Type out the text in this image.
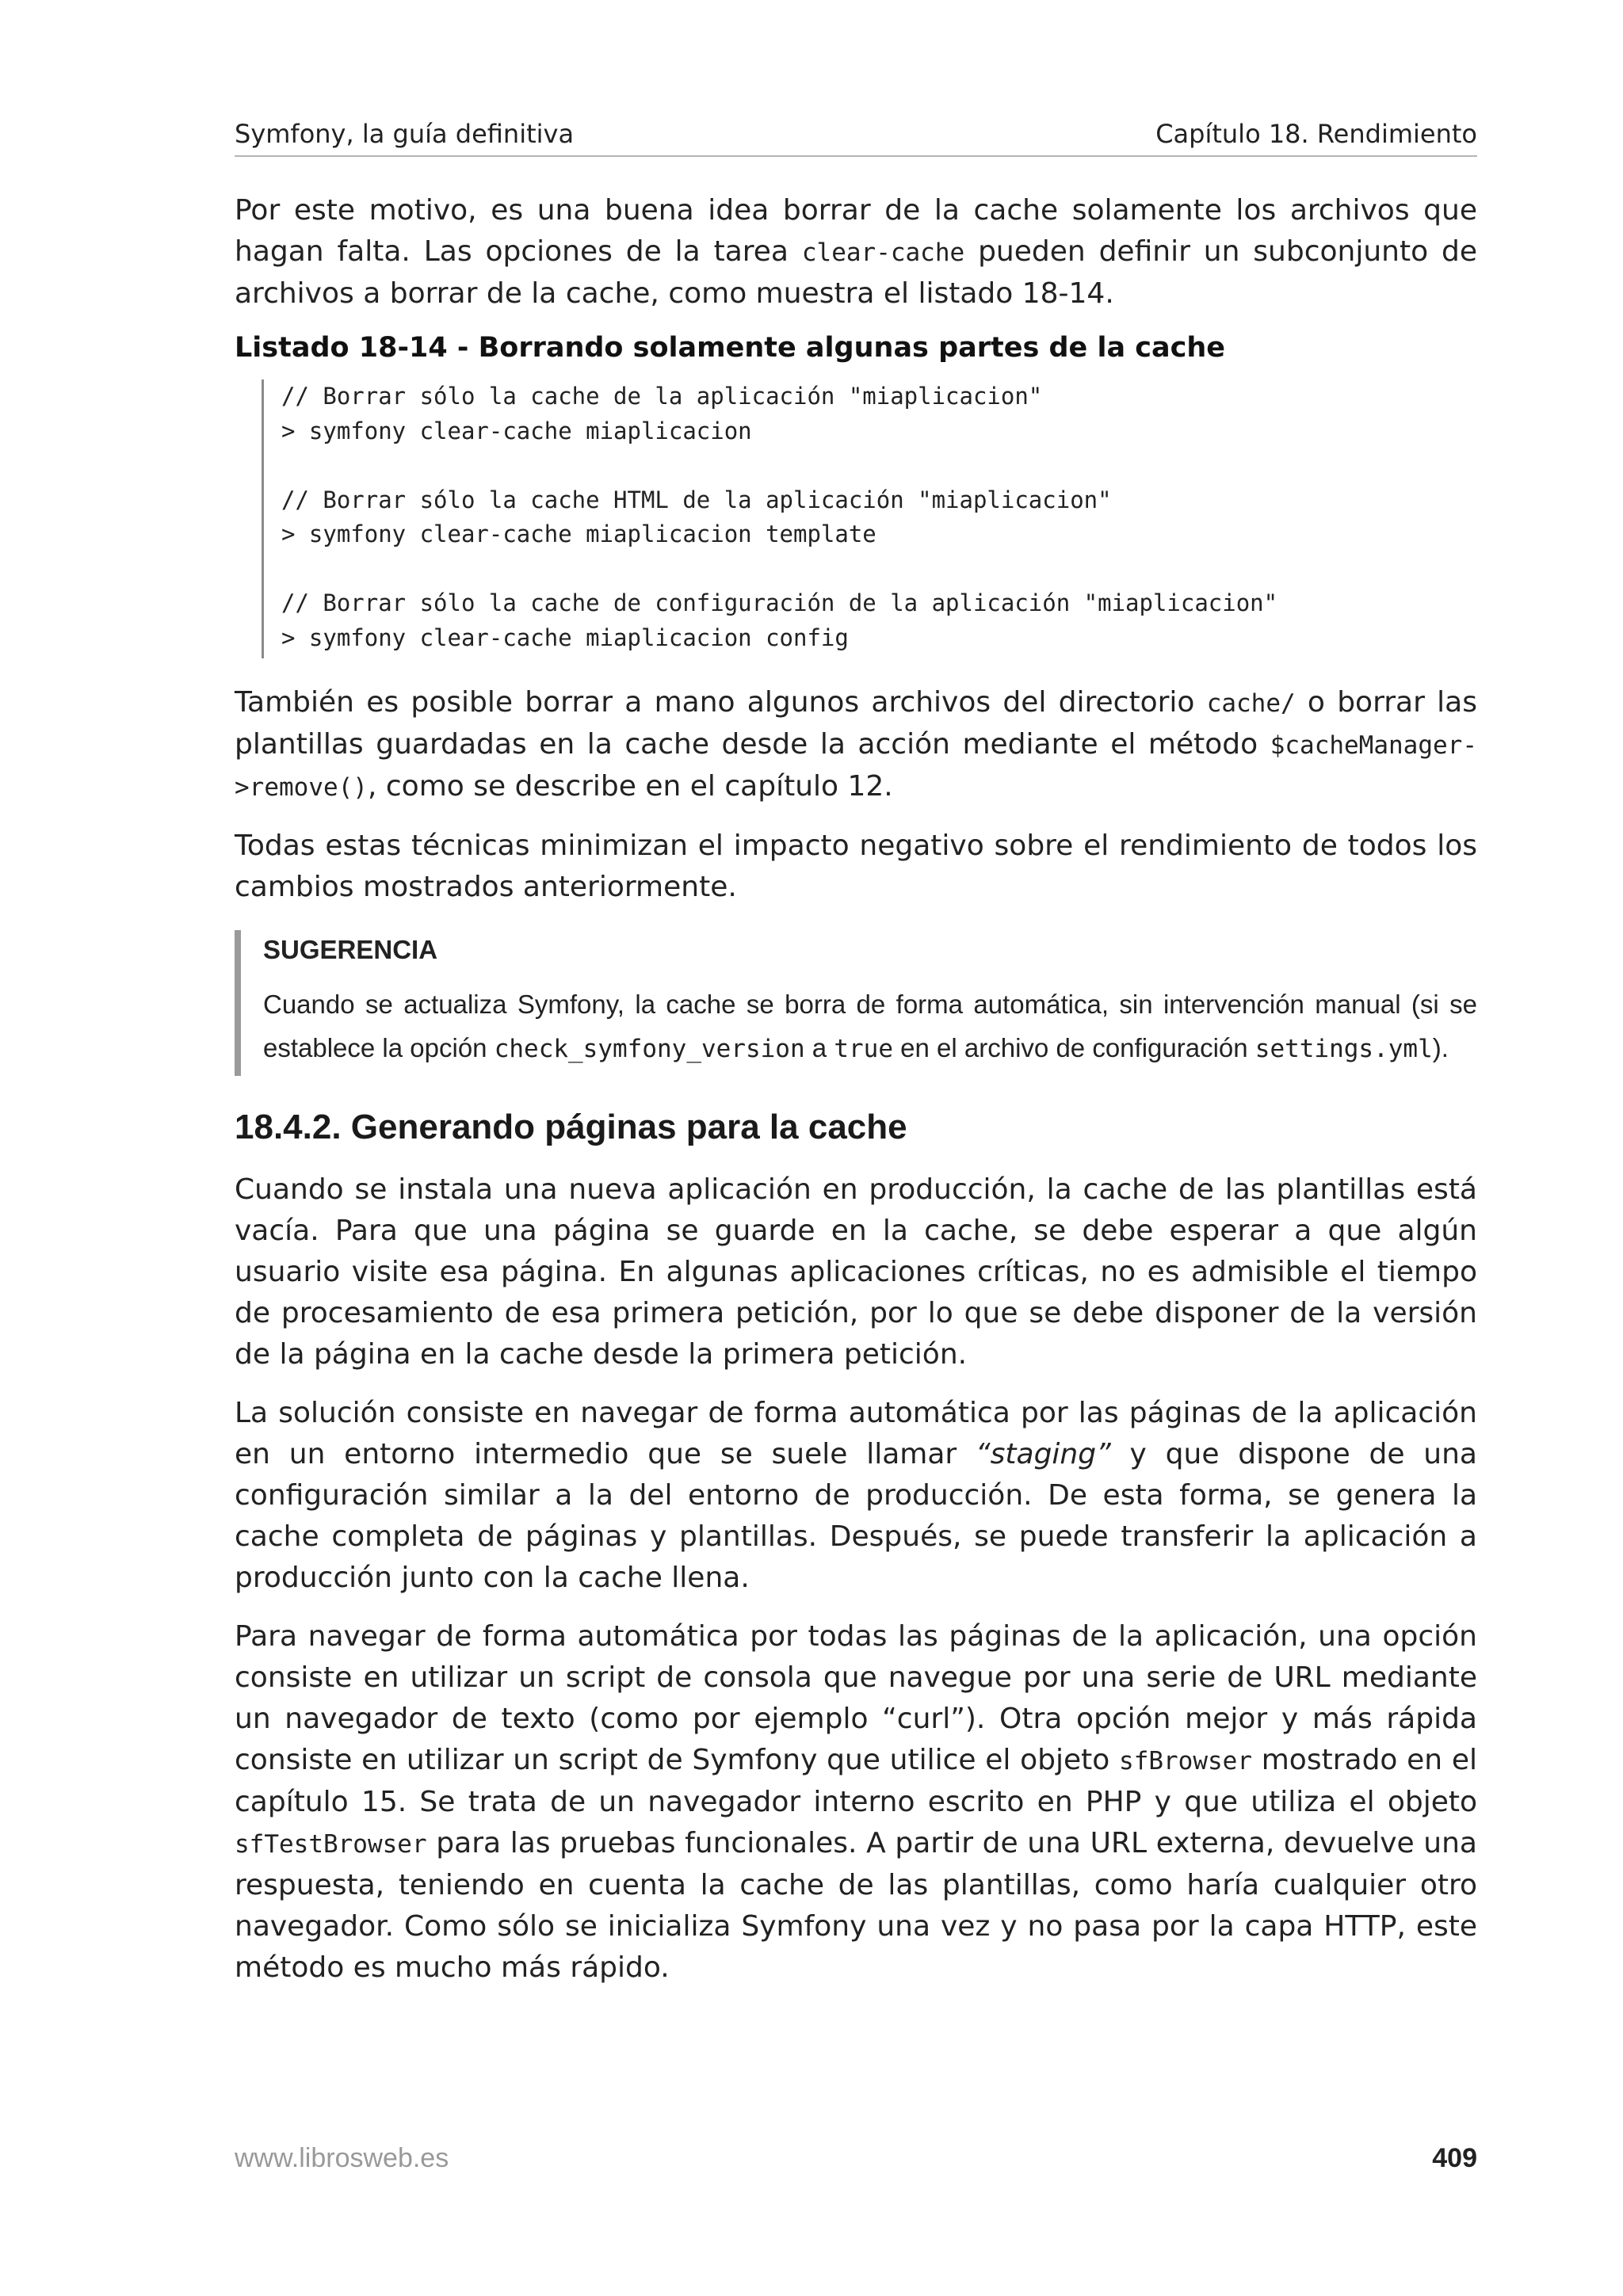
Symfony, la guía definitiva	Capítulo 18. Rendimiento

Por este motivo, es una buena idea borrar de la cache solamente los archivos que hagan falta. Las opciones de la tarea clear-cache pueden definir un subconjunto de archivos a borrar de la cache, como muestra el listado 18-14.

Listado 18-14 - Borrando solamente algunas partes de la cache
// Borrar sólo la cache de la aplicación "miaplicacion"
> symfony clear-cache miaplicacion

// Borrar sólo la cache HTML de la aplicación "miaplicacion"
> symfony clear-cache miaplicacion template

// Borrar sólo la cache de configuración de la aplicación "miaplicacion"
> symfony clear-cache miaplicacion config

También es posible borrar a mano algunos archivos del directorio cache/ o borrar las plantillas guardadas en la cache desde la acción mediante el método $cacheManager->remove(), como se describe en el capítulo 12.

Todas estas técnicas minimizan el impacto negativo sobre el rendimiento de todos los cambios mostrados anteriormente.

SUGERENCIA

Cuando se actualiza Symfony, la cache se borra de forma automática, sin intervención manual (si se establece la opción check_symfony_version a true en el archivo de configuración settings.yml).

18.4.2. Generando páginas para la cache

Cuando se instala una nueva aplicación en producción, la cache de las plantillas está vacía. Para que una página se guarde en la cache, se debe esperar a que algún usuario visite esa página. En algunas aplicaciones críticas, no es admisible el tiempo de procesamiento de esa primera petición, por lo que se debe disponer de la versión de la página en la cache desde la primera petición.

La solución consiste en navegar de forma automática por las páginas de la aplicación en un entorno intermedio que se suele llamar “staging” y que dispone de una configuración similar a la del entorno de producción. De esta forma, se genera la cache completa de páginas y plantillas. Después, se puede transferir la aplicación a producción junto con la cache llena.

Para navegar de forma automática por todas las páginas de la aplicación, una opción consiste en utilizar un script de consola que navegue por una serie de URL mediante un navegador de texto (como por ejemplo “curl”). Otra opción mejor y más rápida consiste en utilizar un script de Symfony que utilice el objeto sfBrowser mostrado en el capítulo 15. Se trata de un navegador interno escrito en PHP y que utiliza el objeto sfTestBrowser para las pruebas funcionales. A partir de una URL externa, devuelve una respuesta, teniendo en cuenta la cache de las plantillas, como haría cualquier otro navegador. Como sólo se inicializa Symfony una vez y no pasa por la capa HTTP, este método es mucho más rápido.

www.librosweb.es	409
